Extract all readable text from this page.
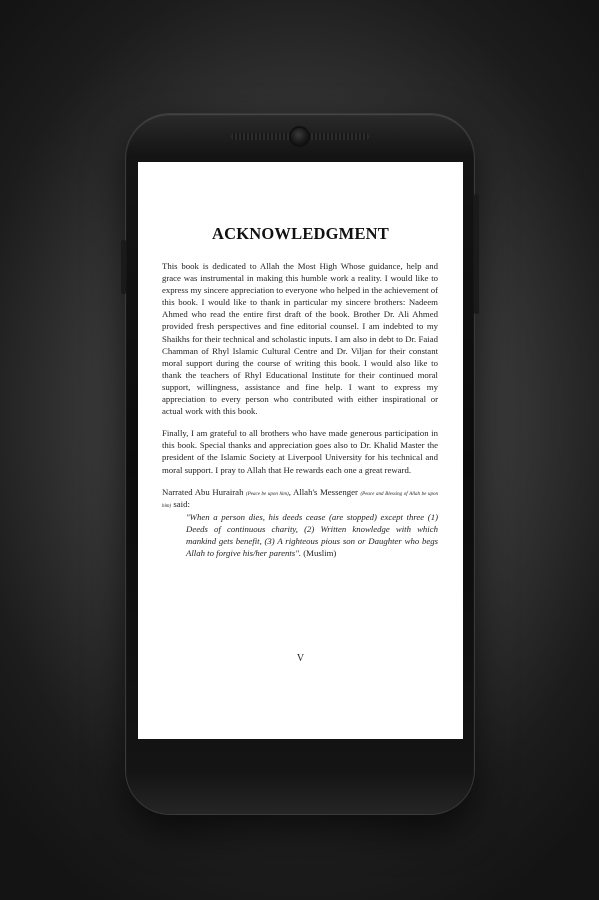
ACKNOWLEDGMENT

This book is dedicated to Allah the Most High Whose guidance, help and grace was instrumental in making this humble work a reality. I would like to express my sincere appreciation to everyone who helped in the achievement of this book. I would like to thank in particular my sincere brothers: Nadeem Ahmed who read the entire first draft of the book. Brother Dr. Ali Ahmed provided fresh perspectives and fine editorial counsel. I am indebted to my Shaikhs for their technical and scholastic inputs. I am also in debt to Dr. Faiad Chamman of Rhyl Islamic Cultural Centre and Dr. Viljan for their constant moral support during the course of writing this book. I would also like to thank the teachers of Rhyl Educational Institute for their continued moral support, willingness, assistance and fine help. I want to express my appreciation to every person who contributed with either inspirational or actual work with this book.

Finally, I am grateful to all brothers who have made generous participation in this book. Special thanks and appreciation goes also to Dr. Khalid Master the president of the Islamic Society at Liverpool University for his technical and moral support. I pray to Allah that He rewards each one a great reward.

Narrated Abu Hurairah (Peace be upon him), Allah's Messenger (Peace and Blessing of Allah be upon him) said:

"When a person dies, his deeds cease (are stopped) except three (1) Deeds of continuous charity, (2) Written knowledge with which mankind gets benefit, (3) A righteous pious son or Daughter who begs Allah to forgive his/her parents". (Muslim)

V
